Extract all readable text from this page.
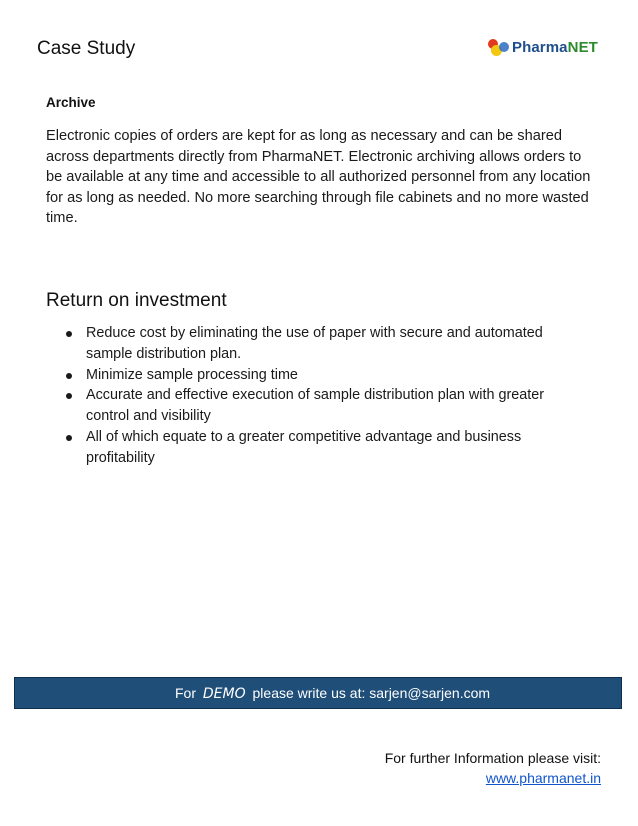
Case Study	PharmaNET
Archive
Electronic copies of orders are kept for as long as necessary and can be shared
across departments directly from PharmaNET. Electronic archiving allows orders to
be available at any time and accessible to all authorized personnel from any location
for as long as needed. No more searching through file cabinets and no more wasted
time.
Return on investment
Reduce cost by eliminating the use of paper with secure and automated
sample distribution plan.
Minimize sample processing time
Accurate and effective execution of sample distribution plan with greater
control and visibility
All of which equate to a greater competitive advantage and business
profitability
For DEMO please write us at: sarjen@sarjen.com
For further Information please visit:
www.pharmanet.in
